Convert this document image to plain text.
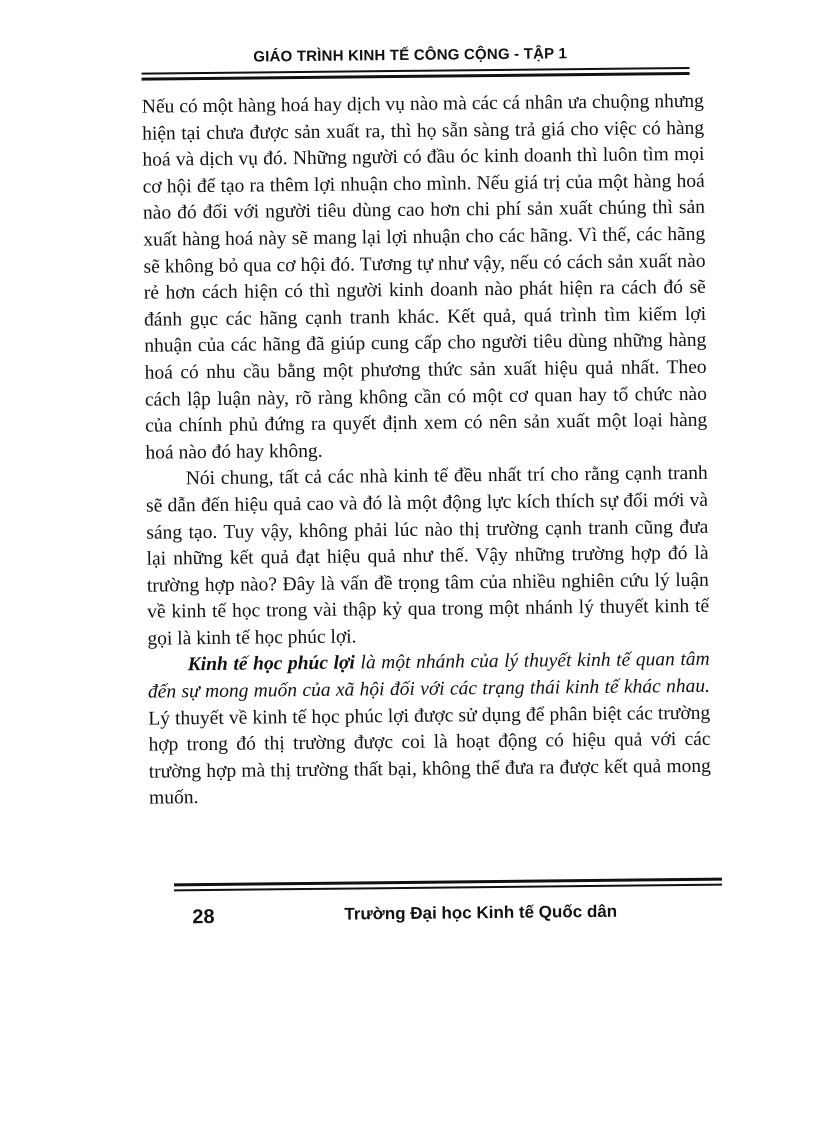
GIÁO TRÌNH KINH TẾ CÔNG CỘNG - TẬP 1

Nếu có một hàng hoá hay dịch vụ nào mà các cá nhân ưa chuộng nhưng hiện tại chưa được sản xuất ra, thì họ sẵn sàng trả giá cho việc có hàng hoá và dịch vụ đó. Những người có đầu óc kinh doanh thì luôn tìm mọi cơ hội để tạo ra thêm lợi nhuận cho mình. Nếu giá trị của một hàng hoá nào đó đối với người tiêu dùng cao hơn chi phí sản xuất chúng thì sản xuất hàng hoá này sẽ mang lại lợi nhuận cho các hãng. Vì thế, các hãng sẽ không bỏ qua cơ hội đó. Tương tự như vậy, nếu có cách sản xuất nào rẻ hơn cách hiện có thì người kinh doanh nào phát hiện ra cách đó sẽ đánh gục các hãng cạnh tranh khác. Kết quả, quá trình tìm kiếm lợi nhuận của các hãng đã giúp cung cấp cho người tiêu dùng những hàng hoá có nhu cầu bằng một phương thức sản xuất hiệu quả nhất. Theo cách lập luận này, rõ ràng không cần có một cơ quan hay tổ chức nào của chính phủ đứng ra quyết định xem có nên sản xuất một loại hàng hoá nào đó hay không.

Nói chung, tất cả các nhà kinh tế đều nhất trí cho rằng cạnh tranh sẽ dẫn đến hiệu quả cao và đó là một động lực kích thích sự đổi mới và sáng tạo. Tuy vậy, không phải lúc nào thị trường cạnh tranh cũng đưa lại những kết quả đạt hiệu quả như thế. Vậy những trường hợp đó là trường hợp nào? Đây là vấn đề trọng tâm của nhiều nghiên cứu lý luận về kinh tế học trong vài thập kỷ qua trong một nhánh lý thuyết kinh tế gọi là kinh tế học phúc lợi.

Kinh tế học phúc lợi là một nhánh của lý thuyết kinh tế quan tâm đến sự mong muốn của xã hội đối với các trạng thái kinh tế khác nhau. Lý thuyết về kinh tế học phúc lợi được sử dụng để phân biệt các trường hợp trong đó thị trường được coi là hoạt động có hiệu quả với các trường hợp mà thị trường thất bại, không thể đưa ra được kết quả mong muốn.

28	Trường Đại học Kinh tế Quốc dân
